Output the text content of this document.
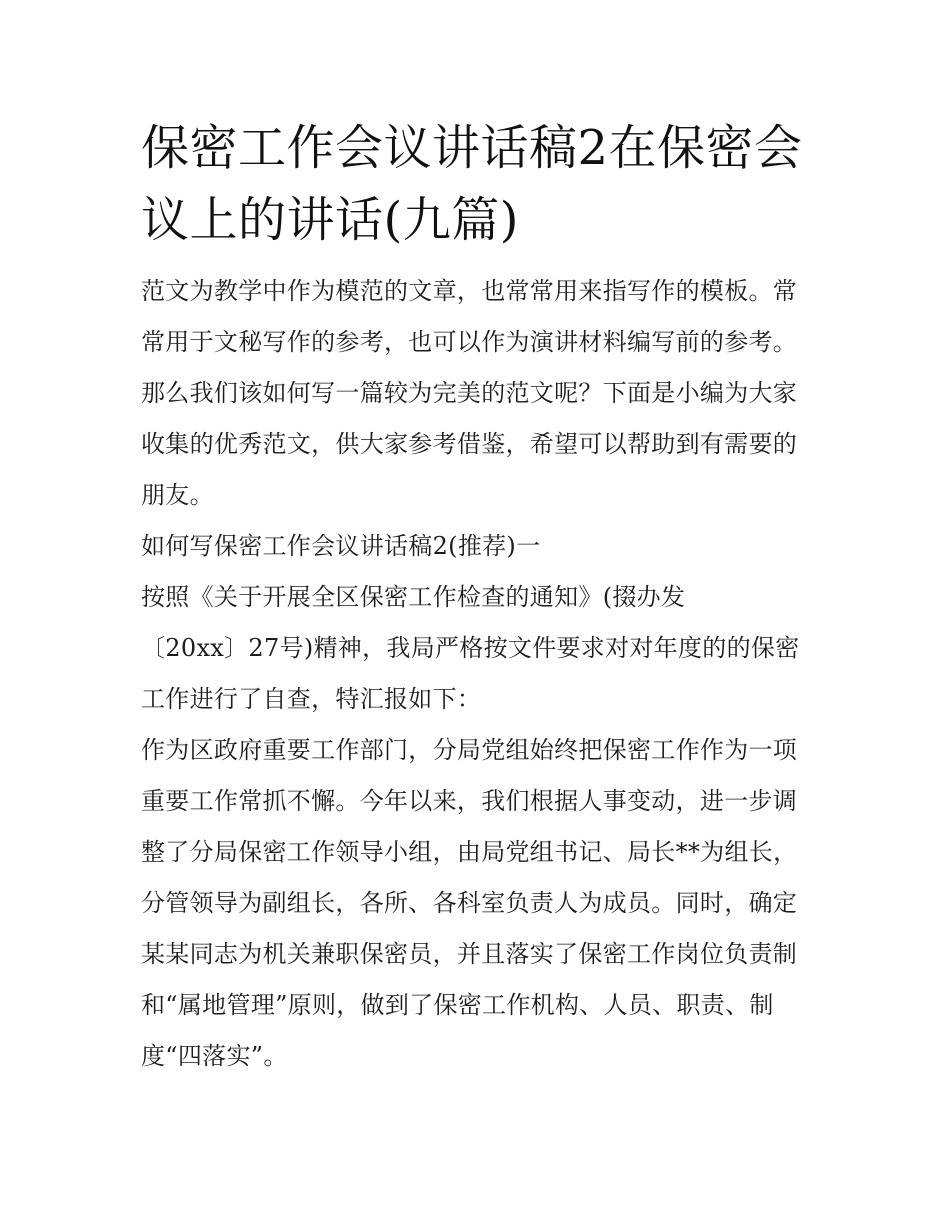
保密工作会议讲话稿2在保密会议上的讲话(九篇)

范文为教学中作为模范的文章，也常常用来指写作的模板。常常用于文秘写作的参考，也可以作为演讲材料编写前的参考。那么我们该如何写一篇较为完美的范文呢？下面是小编为大家收集的优秀范文，供大家参考借鉴，希望可以帮助到有需要的朋友。

如何写保密工作会议讲话稿2(推荐)一

按照《关于开展全区保密工作检查的通知》(掇办发

〔20xx〕27号)精神，我局严格按文件要求对对年度的的保密工作进行了自查，特汇报如下：

作为区政府重要工作部门，分局党组始终把保密工作作为一项重要工作常抓不懈。今年以来，我们根据人事变动，进一步调整了分局保密工作领导小组，由局党组书记、局长**为组长，分管领导为副组长，各所、各科室负责人为成员。同时，确定某某同志为机关兼职保密员，并且落实了保密工作岗位负责制和“属地管理”原则，做到了保密工作机构、人员、职责、制度“四落实”。
